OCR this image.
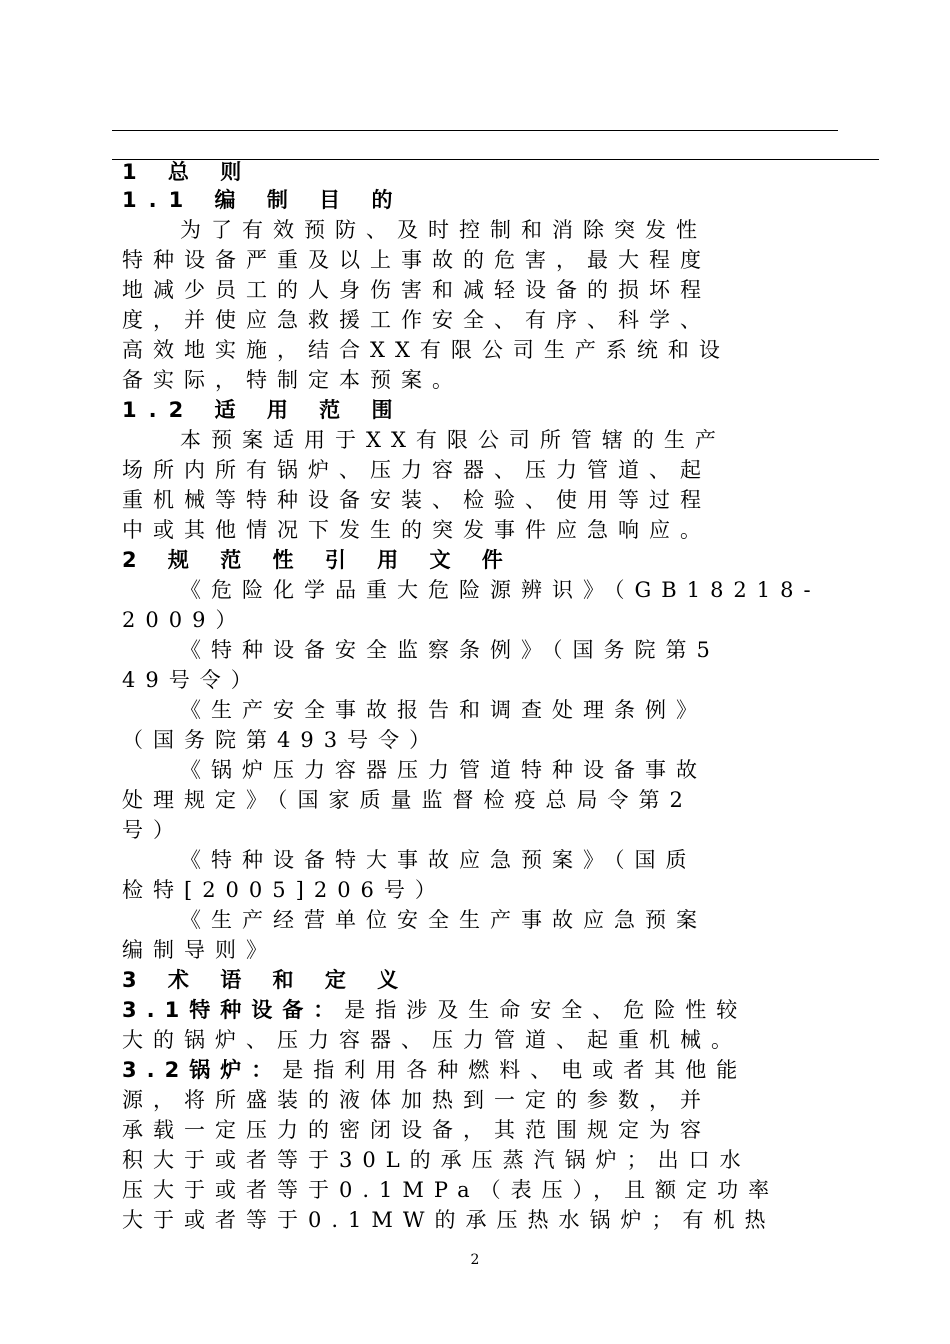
1 总 则
1.1 编 制 目 的
为了有效预防、及时控制和消除突发性
特种设备严重及以上事故的危害，最大程度
地减少员工的人身伤害和减轻设备的损坏程
度，并使应急救援工作安全、有序、科学、
高效地实施，结合XX有限公司生产系统和设
备实际，特制定本预案。
1.2 适 用 范 围
本预案适用于XX有限公司所管辖的生产
场所内所有锅炉、压力容器、压力管道、起
重机械等特种设备安装、检验、使用等过程
中或其他情况下发生的突发事件应急响应。
2 规 范 性 引 用 文 件
《危险化学品重大危险源辨识》（GB18218-
2009）
《特种设备安全监察条例》（国务院第5
49号令）
《生产安全事故报告和调查处理条例》
（国务院第493号令）
《锅炉压力容器压力管道特种设备事故
处理规定》（国家质量监督检疫总局令第2
号）
《特种设备特大事故应急预案》（国质
检特[2005]206号）
《生产经营单位安全生产事故应急预案
编制导则》
3 术 语 和 定 义
3.1特种设备：是指涉及生命安全、危险性较
大的锅炉、压力容器、压力管道、起重机械。
3.2锅炉：是指利用各种燃料、电或者其他能
源，将所盛装的液体加热到一定的参数，并
承载一定压力的密闭设备，其范围规定为容
积大于或者等于30L的承压蒸汽锅炉；出口水
压大于或者等于0.1MPa（表压），且额定功率
大于或者等于0.1MW的承压热水锅炉；有机热
2
